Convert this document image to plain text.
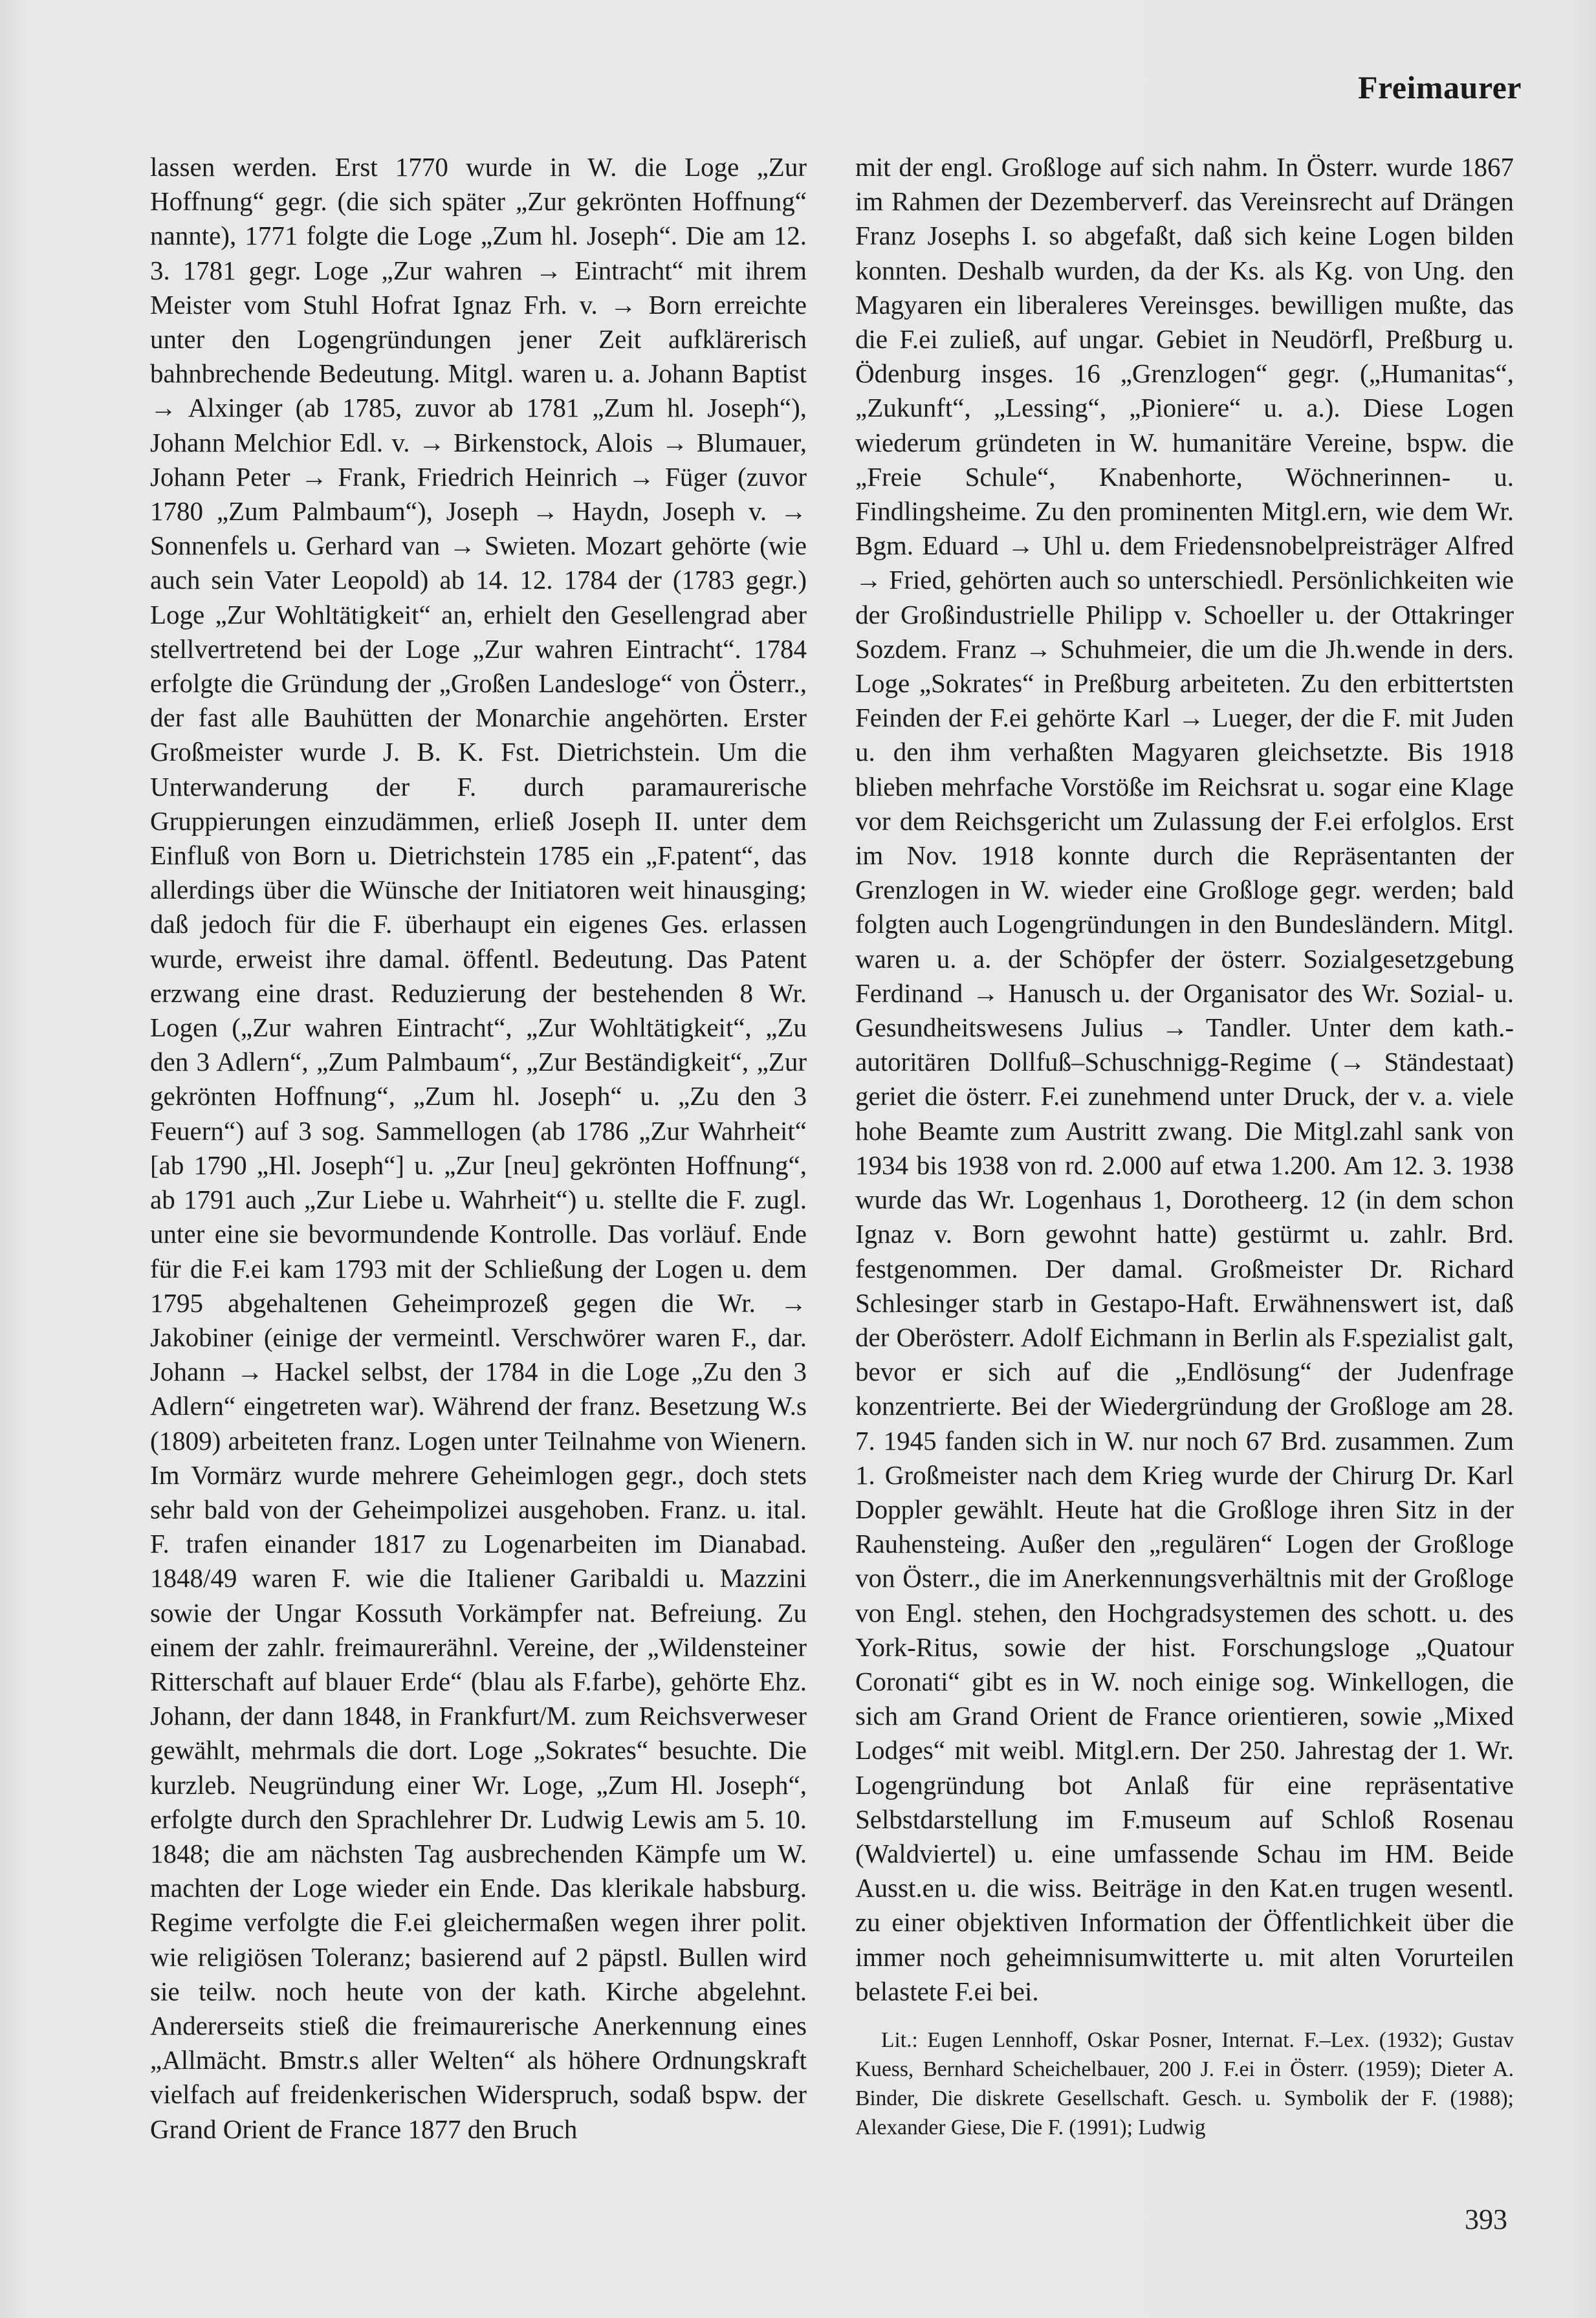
Freimaurer

lassen werden. Erst 1770 wurde in W. die Loge „Zur Hoffnung“ gegr. (die sich später „Zur gekrönten Hoffnung“ nannte), 1771 folgte die Loge „Zum hl. Joseph“. Die am 12. 3. 1781 gegr. Loge „Zur wahren → Eintracht“ mit ihrem Meister vom Stuhl Hofrat Ignaz Frh. v. → Born erreichte unter den Logengründungen jener Zeit aufklärerisch bahnbrechende Bedeutung. Mitgl. waren u. a. Johann Baptist → Alxinger (ab 1785, zuvor ab 1781 „Zum hl. Joseph“), Johann Melchior Edl. v. → Birkenstock, Alois → Blumauer, Johann Peter → Frank, Friedrich Heinrich → Füger (zuvor 1780 „Zum Palmbaum“), Joseph → Haydn, Joseph v. → Sonnenfels u. Gerhard van → Swieten. Mozart gehörte (wie auch sein Vater Leopold) ab 14. 12. 1784 der (1783 gegr.) Loge „Zur Wohltätigkeit“ an, erhielt den Gesellengrad aber stellvertretend bei der Loge „Zur wahren Eintracht“. 1784 erfolgte die Gründung der „Großen Landesloge“ von Österr., der fast alle Bauhütten der Monarchie angehörten. Erster Großmeister wurde J. B. K. Fst. Dietrichstein. Um die Unterwanderung der F. durch paramaurerische Gruppierungen einzudämmen, erließ Joseph II. unter dem Einfluß von Born u. Dietrichstein 1785 ein „F.patent“, das allerdings über die Wünsche der Initiatoren weit hinausging; daß jedoch für die F. überhaupt ein eigenes Ges. erlassen wurde, erweist ihre damal. öffentl. Bedeutung. Das Patent erzwang eine drast. Reduzierung der bestehenden 8 Wr. Logen („Zur wahren Eintracht“, „Zur Wohltätigkeit“, „Zu den 3 Adlern“, „Zum Palmbaum“, „Zur Beständigkeit“, „Zur gekrönten Hoffnung“, „Zum hl. Joseph“ u. „Zu den 3 Feuern“) auf 3 sog. Sammellogen (ab 1786 „Zur Wahrheit“ [ab 1790 „Hl. Joseph“] u. „Zur [neu] gekrönten Hoffnung“, ab 1791 auch „Zur Liebe u. Wahrheit“) u. stellte die F. zugl. unter eine sie bevormundende Kontrolle. Das vorläuf. Ende für die F.ei kam 1793 mit der Schließung der Logen u. dem 1795 abgehaltenen Geheimprozeß gegen die Wr. → Jakobiner (einige der vermeintl. Verschwörer waren F., dar. Johann → Hackel selbst, der 1784 in die Loge „Zu den 3 Adlern“ eingetreten war). Während der franz. Besetzung W.s (1809) arbeiteten franz. Logen unter Teilnahme von Wienern. Im Vormärz wurde mehrere Geheimlogen gegr., doch stets sehr bald von der Geheimpolizei ausgehoben. Franz. u. ital. F. trafen einander 1817 zu Logenarbeiten im Dianabad. 1848/49 waren F. wie die Italiener Garibaldi u. Mazzini sowie der Ungar Kossuth Vorkämpfer nat. Befreiung. Zu einem der zahlr. freimaurerähnl. Vereine, der „Wildensteiner Ritterschaft auf blauer Erde“ (blau als F.farbe), gehörte Ehz. Johann, der dann 1848, in Frankfurt/M. zum Reichsverweser gewählt, mehrmals die dort. Loge „Sokrates“ besuchte. Die kurzleb. Neugründung einer Wr. Loge, „Zum Hl. Joseph“, erfolgte durch den Sprachlehrer Dr. Ludwig Lewis am 5. 10. 1848; die am nächsten Tag ausbrechenden Kämpfe um W. machten der Loge wieder ein Ende. Das klerikale habsburg. Regime verfolgte die F.ei gleichermaßen wegen ihrer polit. wie religiösen Toleranz; basierend auf 2 päpstl. Bullen wird sie teilw. noch heute von der kath. Kirche abgelehnt. Andererseits stieß die freimaurerische Anerkennung eines „Allmächt. Bmstr.s aller Welten“ als höhere Ordnungskraft vielfach auf freidenkerischen Widerspruch, sodaß bspw. der Grand Orient de France 1877 den Bruch

mit der engl. Großloge auf sich nahm. In Österr. wurde 1867 im Rahmen der Dezemberverf. das Vereinsrecht auf Drängen Franz Josephs I. so abgefaßt, daß sich keine Logen bilden konnten. Deshalb wurden, da der Ks. als Kg. von Ung. den Magyaren ein liberaleres Vereinsges. bewilligen mußte, das die F.ei zuließ, auf ungar. Gebiet in Neudörfl, Preßburg u. Ödenburg insges. 16 „Grenzlogen“ gegr. („Humanitas“, „Zukunft“, „Lessing“, „Pioniere“ u. a.). Diese Logen wiederum gründeten in W. humanitäre Vereine, bspw. die „Freie Schule“, Knabenhorte, Wöchnerinnen- u. Findlingsheime. Zu den prominenten Mitgl.ern, wie dem Wr. Bgm. Eduard → Uhl u. dem Friedensnobelpreisträger Alfred → Fried, gehörten auch so unterschiedl. Persönlichkeiten wie der Großindustrielle Philipp v. Schoeller u. der Ottakringer Sozdem. Franz → Schuhmeier, die um die Jh.wende in ders. Loge „Sokrates“ in Preßburg arbeiteten. Zu den erbittertsten Feinden der F.ei gehörte Karl → Lueger, der die F. mit Juden u. den ihm verhaßten Magyaren gleichsetzte. Bis 1918 blieben mehrfache Vorstöße im Reichsrat u. sogar eine Klage vor dem Reichsgericht um Zulassung der F.ei erfolglos. Erst im Nov. 1918 konnte durch die Repräsentanten der Grenzlogen in W. wieder eine Großloge gegr. werden; bald folgten auch Logengründungen in den Bundesländern. Mitgl. waren u. a. der Schöpfer der österr. Sozialgesetzgebung Ferdinand → Hanusch u. der Organisator des Wr. Sozial- u. Gesundheitswesens Julius → Tandler. Unter dem kath.-autoritären Dollfuß–Schuschnigg-Regime (→ Ständestaat) geriet die österr. F.ei zunehmend unter Druck, der v. a. viele hohe Beamte zum Austritt zwang. Die Mitgl.zahl sank von 1934 bis 1938 von rd. 2.000 auf etwa 1.200. Am 12. 3. 1938 wurde das Wr. Logenhaus 1, Dorotheerg. 12 (in dem schon Ignaz v. Born gewohnt hatte) gestürmt u. zahlr. Brd. festgenommen. Der damal. Großmeister Dr. Richard Schlesinger starb in Gestapo-Haft. Erwähnenswert ist, daß der Oberösterr. Adolf Eichmann in Berlin als F.spezialist galt, bevor er sich auf die „Endlösung“ der Judenfrage konzentrierte. Bei der Wiedergründung der Großloge am 28. 7. 1945 fanden sich in W. nur noch 67 Brd. zusammen. Zum 1. Großmeister nach dem Krieg wurde der Chirurg Dr. Karl Doppler gewählt. Heute hat die Großloge ihren Sitz in der Rauhensteing. Außer den „regulären“ Logen der Großloge von Österr., die im Anerkennungsverhältnis mit der Großloge von Engl. stehen, den Hochgradsystemen des schott. u. des York-Ritus, sowie der hist. Forschungsloge „Quatour Coronati“ gibt es in W. noch einige sog. Winkellogen, die sich am Grand Orient de France orientieren, sowie „Mixed Lodges“ mit weibl. Mitgl.ern. Der 250. Jahrestag der 1. Wr. Logengründung bot Anlaß für eine repräsentative Selbstdarstellung im F.museum auf Schloß Rosenau (Waldviertel) u. eine umfassende Schau im HM. Beide Ausst.en u. die wiss. Beiträge in den Kat.en trugen wesentl. zu einer objektiven Information der Öffentlichkeit über die immer noch geheimnisumwitterte u. mit alten Vorurteilen belastete F.ei bei.

Lit.: Eugen Lennhoff, Oskar Posner, Internat. F.–Lex. (1932); Gustav Kuess, Bernhard Scheichelbauer, 200 J. F.ei in Österr. (1959); Dieter A. Binder, Die diskrete Gesellschaft. Gesch. u. Symbolik der F. (1988); Alexander Giese, Die F. (1991); Ludwig

393
